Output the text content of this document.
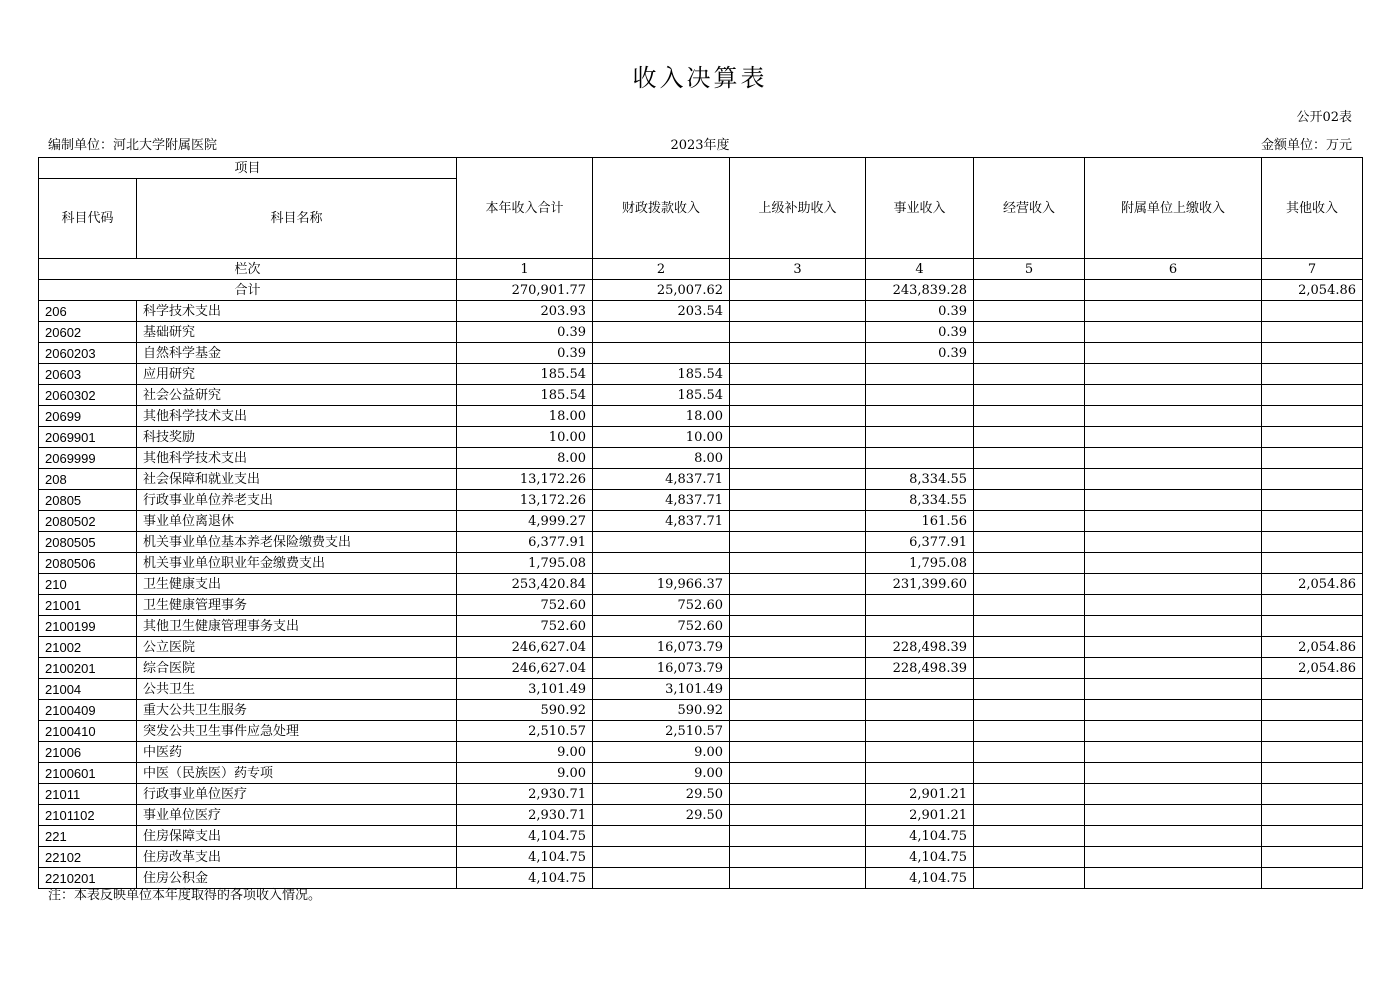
收入决算表
公开02表
编制单位：河北大学附属医院	2023年度	金额单位：万元
项目		本年收入合计	财政拨款收入	上级补助收入	事业收入	经营收入	附属单位上缴收入	其他收入
科目代码	科目名称							
栏次		1	2	3	4	5	6	7
合计		270,901.77	25,007.62		243,839.28			2,054.86
206	科学技术支出	203.93	203.54		0.39			
20602	基础研究	0.39			0.39			
2060203	自然科学基金	0.39			0.39			
20603	应用研究	185.54	185.54					
2060302	社会公益研究	185.54	185.54					
20699	其他科学技术支出	18.00	18.00					
2069901	科技奖励	10.00	10.00					
2069999	其他科学技术支出	8.00	8.00					
208	社会保障和就业支出	13,172.26	4,837.71		8,334.55			
20805	行政事业单位养老支出	13,172.26	4,837.71		8,334.55			
2080502	事业单位离退休	4,999.27	4,837.71		161.56			
2080505	机关事业单位基本养老保险缴费支出	6,377.91			6,377.91			
2080506	机关事业单位职业年金缴费支出	1,795.08			1,795.08			
210	卫生健康支出	253,420.84	19,966.37		231,399.60			2,054.86
21001	卫生健康管理事务	752.60	752.60					
2100199	其他卫生健康管理事务支出	752.60	752.60					
21002	公立医院	246,627.04	16,073.79		228,498.39			2,054.86
2100201	综合医院	246,627.04	16,073.79		228,498.39			2,054.86
21004	公共卫生	3,101.49	3,101.49					
2100409	重大公共卫生服务	590.92	590.92					
2100410	突发公共卫生事件应急处理	2,510.57	2,510.57					
21006	中医药	9.00	9.00					
2100601	中医（民族医）药专项	9.00	9.00					
21011	行政事业单位医疗	2,930.71	29.50		2,901.21			
2101102	事业单位医疗	2,930.71	29.50		2,901.21			
221	住房保障支出	4,104.75			4,104.75			
22102	住房改革支出	4,104.75			4,104.75			
2210201	住房公积金	4,104.75			4,104.75			
注：本表反映单位本年度取得的各项收入情况。
